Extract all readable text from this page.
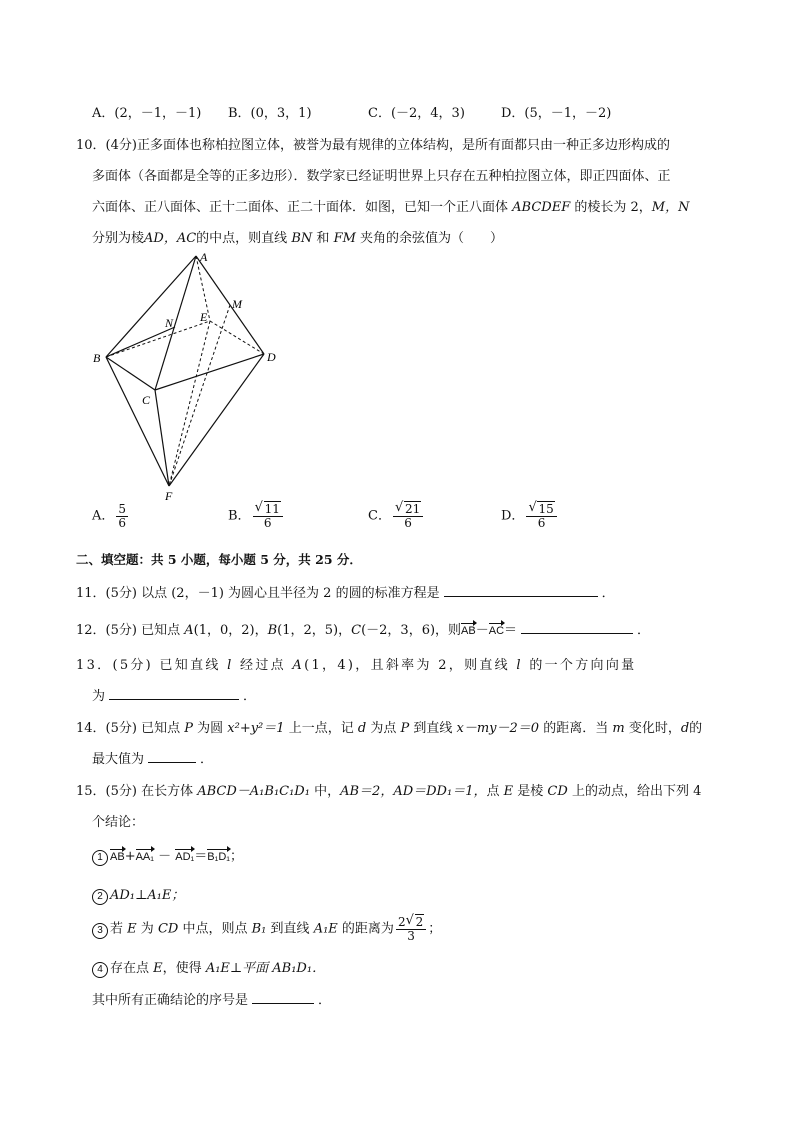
A．(2，－1，－1) B．(0，3，1)	C．(－2，4，3)	D．(5，－1，－2)
10．(4分)正多面体也称柏拉图立体，被誉为最有规律的立体结构，是所有面都只由一种正多边形构成的
多面体（各面都是全等的正多边形）．数学家已经证明世界上只存在五种柏拉图立体，即正四面体、正
六面体、正八面体、正十二面体、正二十面体．如图，已知一个正八面体 ABCDEF 的棱长为 2，M，N
分别为棱AD，AC的中点，则直线 BN 和 FM 夹角的余弦值为（　　）
A
B
C
D
E
F
M
N
A． $\frac{5}{6}$	B． $\frac{√ 11}{6}$	C． $\frac{√ 21}{6}$	D． $\frac{√ 15}{6}$
二、填空题：共 5 小题，每小题 5 分，共 25 分．
11．(5分) 以点 (2，－1) 为圆心且半径为 2 的圆的标准方程是	．
12．(5分) 已知点 A(1，0，2)，B(1，2，5)，C(－2，3，6)，则AB－AC＝	．
13．(5分) 已知直线 l 经过点 A(1，4)，且斜率为 2，则直线 l 的一个方向向量
为	．
14．(5分) 已知点 P 为圆 x²+y²＝1 上一点，记 d 为点 P 到直线 x－my－2＝0 的距离．当 m 变化时，d的
最大值为	．
15．(5分) 在长方体 ABCD－A₁B₁C₁D₁ 中，AB＝2，AD＝DD₁＝1，点 E 是棱 CD 上的动点，给出下列 4
个结论：
1 AB+AA₁ － AD₁＝B₁D₁；
2 AD₁⊥A₁E；
3 若 E 为 CD 中点，则点 B₁ 到直线 A₁E 的距离为 $\frac{2 √ 2}{3}$ ；
4 存在点 E，使得 A₁E⊥平面 AB₁D₁．
其中所有正确结论的序号是	．
